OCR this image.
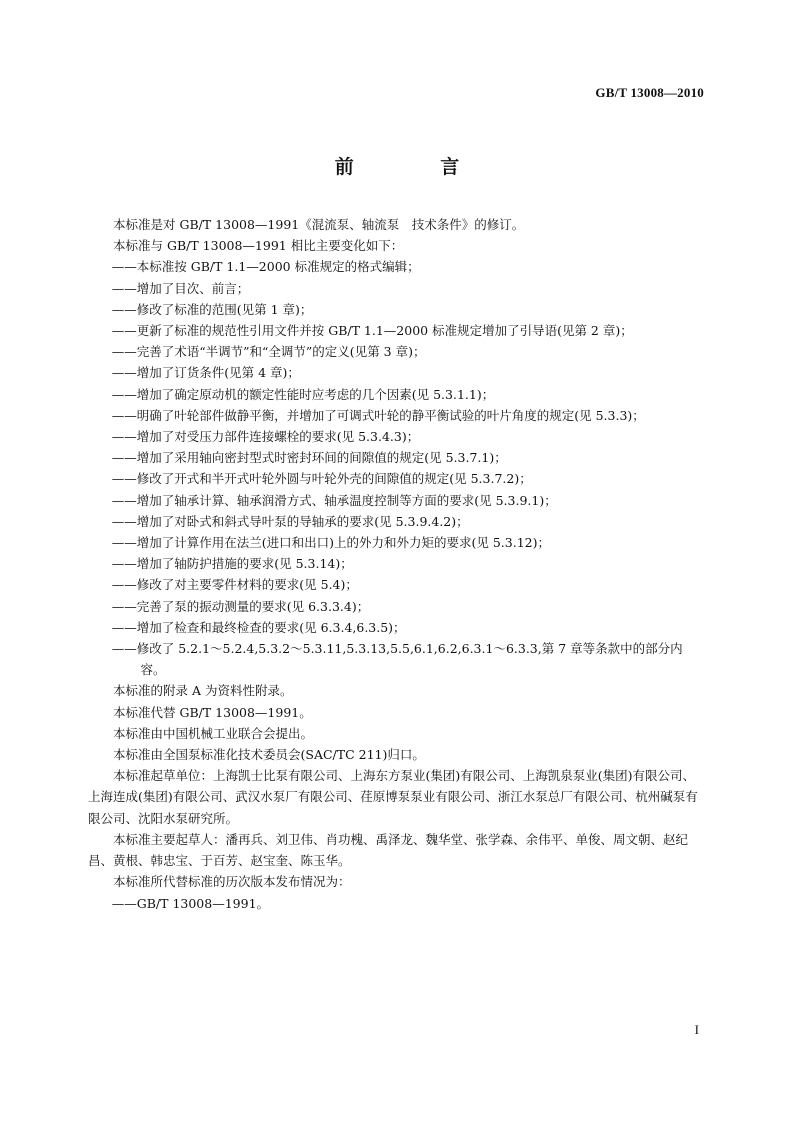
GB/T 13008—2010
前 言

本标准是对 GB/T 13008—1991《混流泵、轴流泵　技术条件》的修订。

本标准与 GB/T 13008—1991 相比主要变化如下：

——本标准按 GB/T 1.1—2000 标准规定的格式编辑；

——增加了目次、前言；

——修改了标准的范围(见第 1 章)；

——更新了标准的规范性引用文件并按 GB/T 1.1—2000 标准规定增加了引导语(见第 2 章)；

——完善了术语“半调节”和“全调节”的定义(见第 3 章)；

——增加了订货条件(见第 4 章)；

——增加了确定原动机的额定性能时应考虑的几个因素(见 5.3.1.1)；

——明确了叶轮部件做静平衡，并增加了可调式叶轮的静平衡试验的叶片角度的规定(见 5.3.3)；

——增加了对受压力部件连接螺栓的要求(见 5.3.4.3)；

——增加了采用轴向密封型式时密封环间的间隙值的规定(见 5.3.7.1)；

——修改了开式和半开式叶轮外圆与叶轮外壳的间隙值的规定(见 5.3.7.2)；

——增加了轴承计算、轴承润滑方式、轴承温度控制等方面的要求(见 5.3.9.1)；

——增加了对卧式和斜式导叶泵的导轴承的要求(见 5.3.9.4.2)；

——增加了计算作用在法兰(进口和出口)上的外力和外力矩的要求(见 5.3.12)；

——增加了轴防护措施的要求(见 5.3.14)；

——修改了对主要零件材料的要求(见 5.4)；

——完善了泵的振动测量的要求(见 6.3.3.4)；

——增加了检查和最终检查的要求(见 6.3.4,6.3.5)；

——修改了 5.2.1～5.2.4,5.3.2～5.3.11,5.3.13,5.5,6.1,6.2,6.3.1～6.3.3,第 7 章等条款中的部分内容。

本标准的附录 A 为资料性附录。

本标准代替 GB/T 13008—1991。

本标准由中国机械工业联合会提出。

本标准由全国泵标准化技术委员会(SAC/TC 211)归口。

本标准起草单位：上海凯士比泵有限公司、上海东方泵业(集团)有限公司、上海凯泉泵业(集团)有限公司、上海连成(集团)有限公司、武汉水泵厂有限公司、荏原博泵泵业有限公司、浙江水泵总厂有限公司、杭州碱泵有限公司、沈阳水泵研究所。

本标准主要起草人：潘再兵、刘卫伟、肖功槐、禹泽龙、魏华堂、张学森、余伟平、单俊、周文朝、赵纪昌、黄根、韩忠宝、于百芳、赵宝奎、陈玉华。

本标准所代替标准的历次版本发布情况为：

——GB/T 13008—1991。

I
